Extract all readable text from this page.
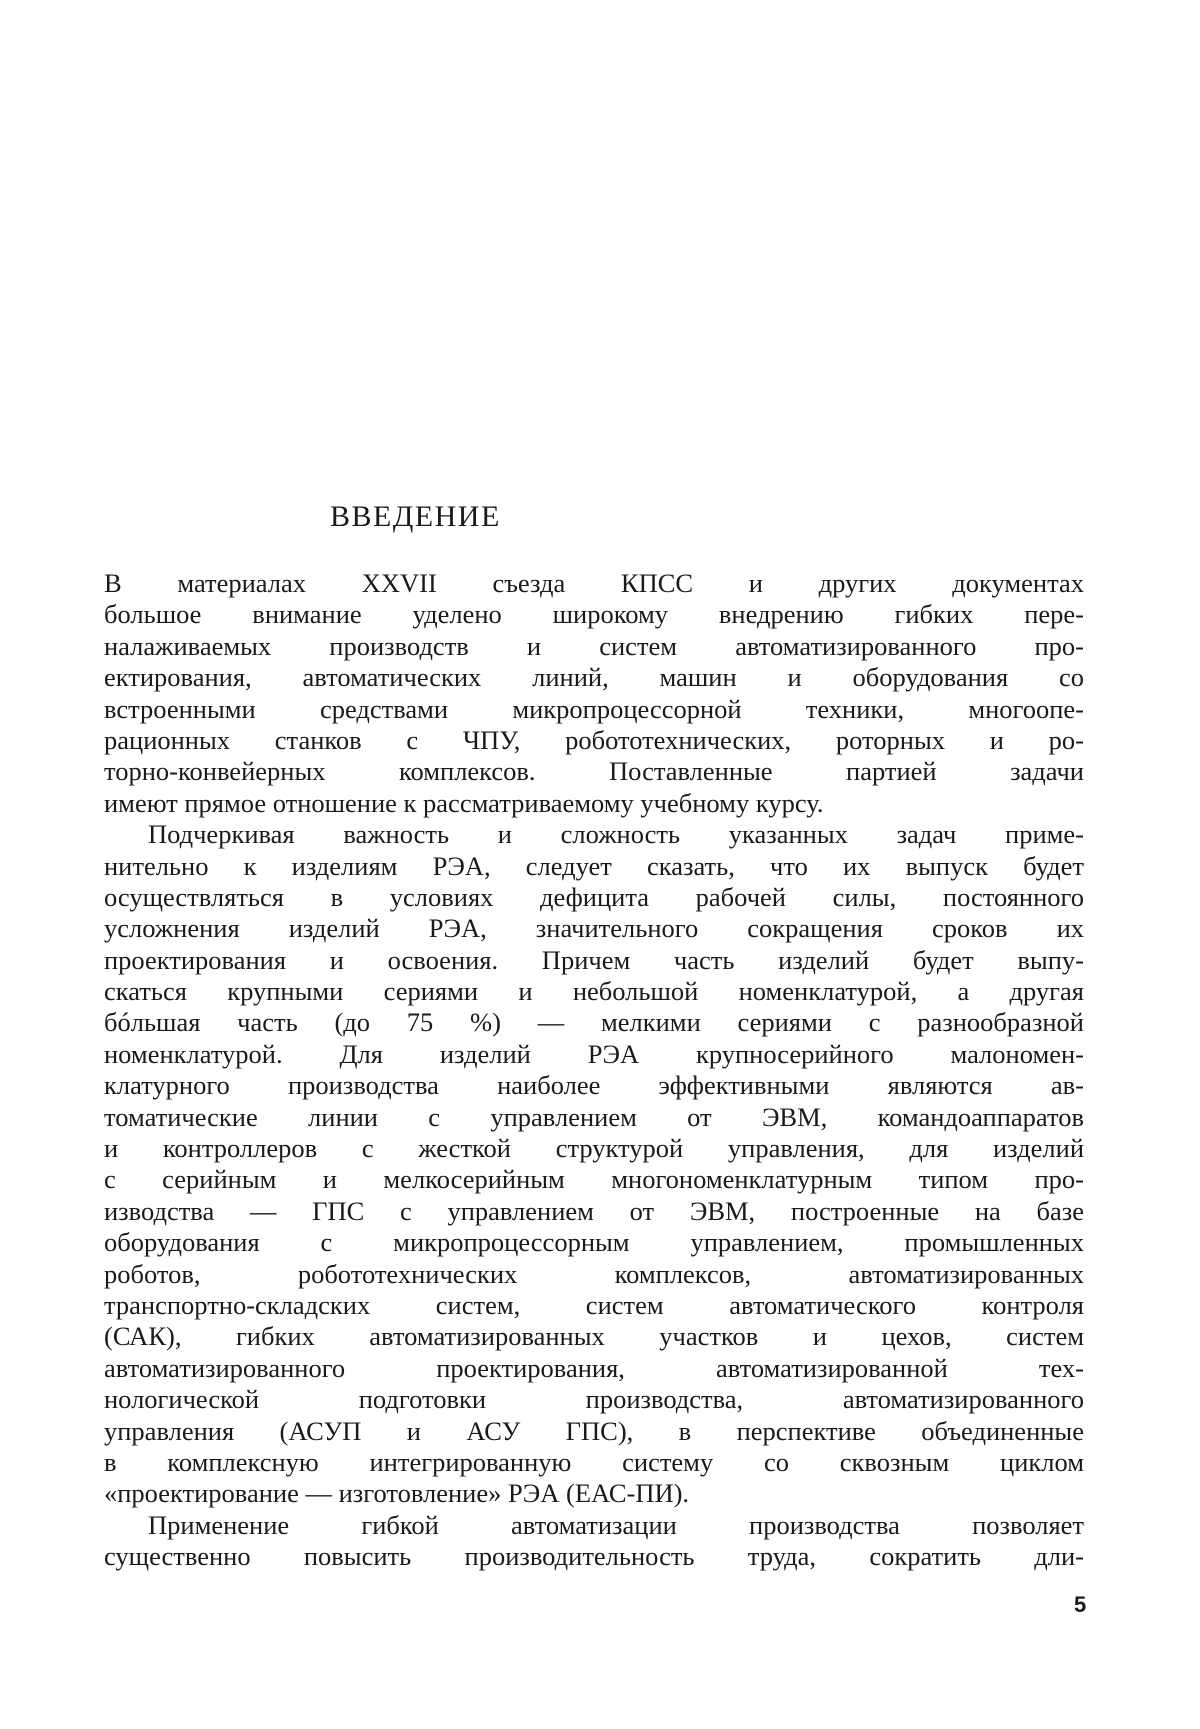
ВВЕДЕНИЕ
В материалах XXVII съезда КПСС и других документах
большое внимание уделено широкому внедрению гибких пере-
налаживаемых производств и систем автоматизированного про-
ектирования, автоматических линий, машин и оборудования со
встроенными средствами микропроцессорной техники, многоопе-
рационных станков с ЧПУ, робототехнических, роторных и ро-
торно-конвейерных комплексов. Поставленные партией задачи
имеют прямое отношение к рассматриваемому учебному курсу.
Подчеркивая важность и сложность указанных задач приме-
нительно к изделиям РЭА, следует сказать, что их выпуск будет
осуществляться в условиях дефицита рабочей силы, постоянного
усложнения изделий РЭА, значительного сокращения сроков их
проектирования и освоения. Причем часть изделий будет выпу-
скаться крупными сериями и небольшой номенклатурой, а другая
бóльшая часть (до 75 %) — мелкими сериями с разнообразной
номенклатурой. Для изделий РЭА крупносерийного малономен-
клатурного производства наиболее эффективными являются ав-
томатические линии с управлением от ЭВМ, командоаппаратов
и контроллеров с жесткой структурой управления, для изделий
с серийным и мелкосерийным многономенклатурным типом про-
изводства — ГПС с управлением от ЭВМ, построенные на базе
оборудования с микропроцессорным управлением, промышленных
роботов, робототехнических комплексов, автоматизированных
транспортно-складских систем, систем автоматического контроля
(САК), гибких автоматизированных участков и цехов, систем
автоматизированного проектирования, автоматизированной тех-
нологической подготовки производства, автоматизированного
управления (АСУП и АСУ ГПС), в перспективе объединенные
в комплексную интегрированную систему со сквозным циклом
«проектирование — изготовление» РЭА (ЕАС-ПИ).
Применение гибкой автоматизации производства позволяет
существенно повысить производительность труда, сократить дли-
5
